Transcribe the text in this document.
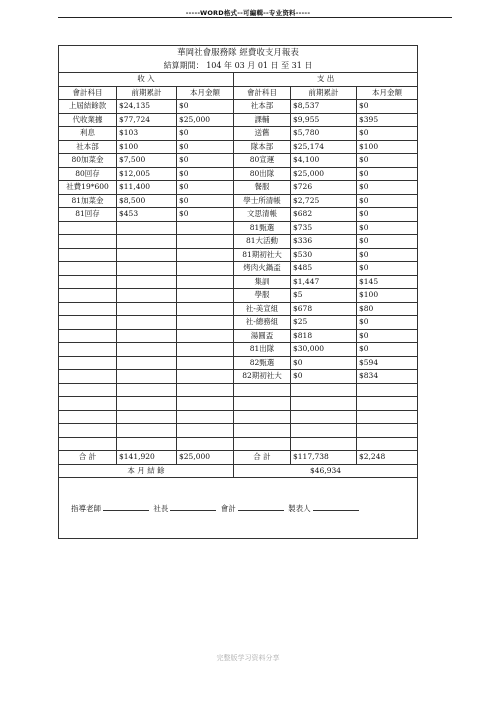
-----WORD格式--可編輯--专业资料-----
華岡社會服務隊 經費收支月報表					
結算期間： 104 年 03 月 01 日 至 31 日					
收 入			支 出		
會計科目	前期累計	本月金額	會計科目	前期累計	本月金額
上屆結餘款	$24,135	$0	社本部	$8,537	$0
代收業據	$77,724	$25,000	課輔	$9,955	$395
利息	$103	$0	送舊	$5,780	$0
社本部	$100	$0	隊本部	$25,174	$100
80加菜金	$7,500	$0	80宣運	$4,100	$0
80回存	$12,005	$0	80出隊	$25,000	$0
社費19*600	$11,400	$0	餐服	$726	$0
81加菜金	$8,500	$0	學士所清帳	$2,725	$0
81回存	$453	$0	文思清帳	$682	$0
			81甄選	$735	$0
			81大活動	$336	$0
			81期初社大	$530	$0
			烤肉火鍋盃	$485	$0
			集訓	$1,447	$145
			學服	$5	$100
			社-美宣組	$678	$80
			社-總務組	$25	$0
			湯圓盃	$818	$0
			81出隊	$30,000	$0
			82甄選	$0	$594
			82期初社大	$0	$834

合 計	$141,920	$25,000	合 計	$117,738	$2,248
本 月 結 餘			$46,934		
指導老師 社長 會計 製表人					
完整版学习资料分享
